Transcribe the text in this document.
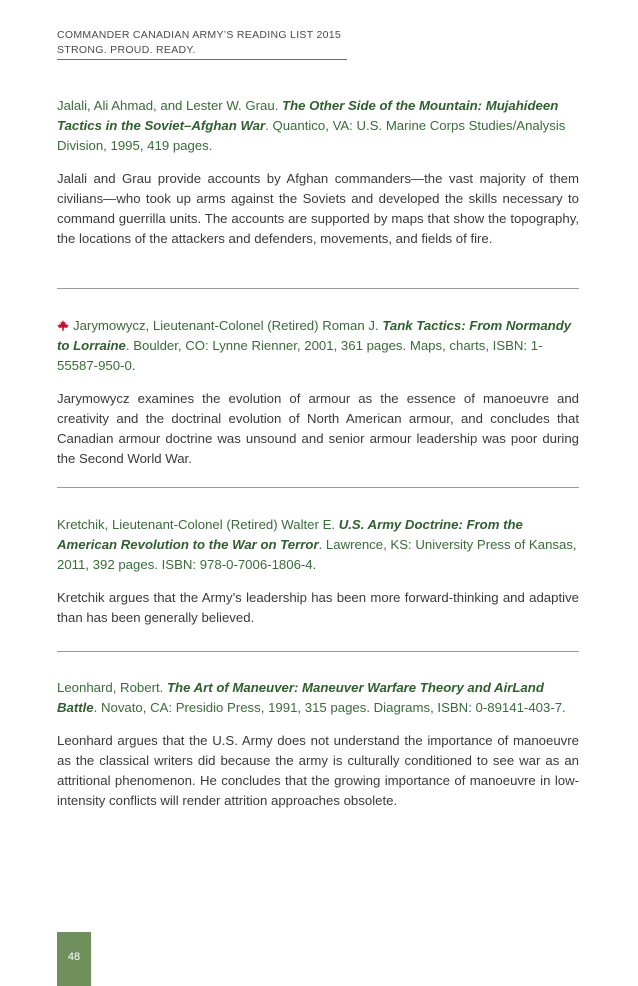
COMMANDER CANADIAN ARMY’S READING LIST 2015
STRONG. PROUD. READY.

Jalali, Ali Ahmad, and Lester W. Grau. The Other Side of the Mountain: Mujahideen Tactics in the Soviet–Afghan War. Quantico, VA: U.S. Marine Corps Studies/Analysis Division, 1995, 419 pages.

Jalali and Grau provide accounts by Afghan commanders—the vast majority of them civilians—who took up arms against the Soviets and developed the skills necessary to command guerrilla units. The accounts are supported by maps that show the topography, the locations of the attackers and defenders, movements, and fields of fire.

Jarymowycz, Lieutenant-Colonel (Retired) Roman J. Tank Tactics: From Normandy to Lorraine. Boulder, CO: Lynne Rienner, 2001, 361 pages. Maps, charts, ISBN: 1-55587-950-0.

Jarymowycz examines the evolution of armour as the essence of manoeuvre and creativity and the doctrinal evolution of North American armour, and concludes that Canadian armour doctrine was unsound and senior armour leadership was poor during the Second World War.

Kretchik, Lieutenant-Colonel (Retired) Walter E. U.S. Army Doctrine: From the American Revolution to the War on Terror. Lawrence, KS: University Press of Kansas, 2011, 392 pages. ISBN: 978-0-7006-1806-4.

Kretchik argues that the Army’s leadership has been more forward-thinking and adaptive than has been generally believed.

Leonhard, Robert. The Art of Maneuver: Maneuver Warfare Theory and AirLand Battle. Novato, CA: Presidio Press, 1991, 315 pages. Diagrams, ISBN: 0-89141-403-7.

Leonhard argues that the U.S. Army does not understand the importance of manoeuvre as the classical writers did because the army is culturally conditioned to see war as an attritional phenomenon. He concludes that the growing importance of manoeuvre in low-intensity conflicts will render attrition approaches obsolete.

48
